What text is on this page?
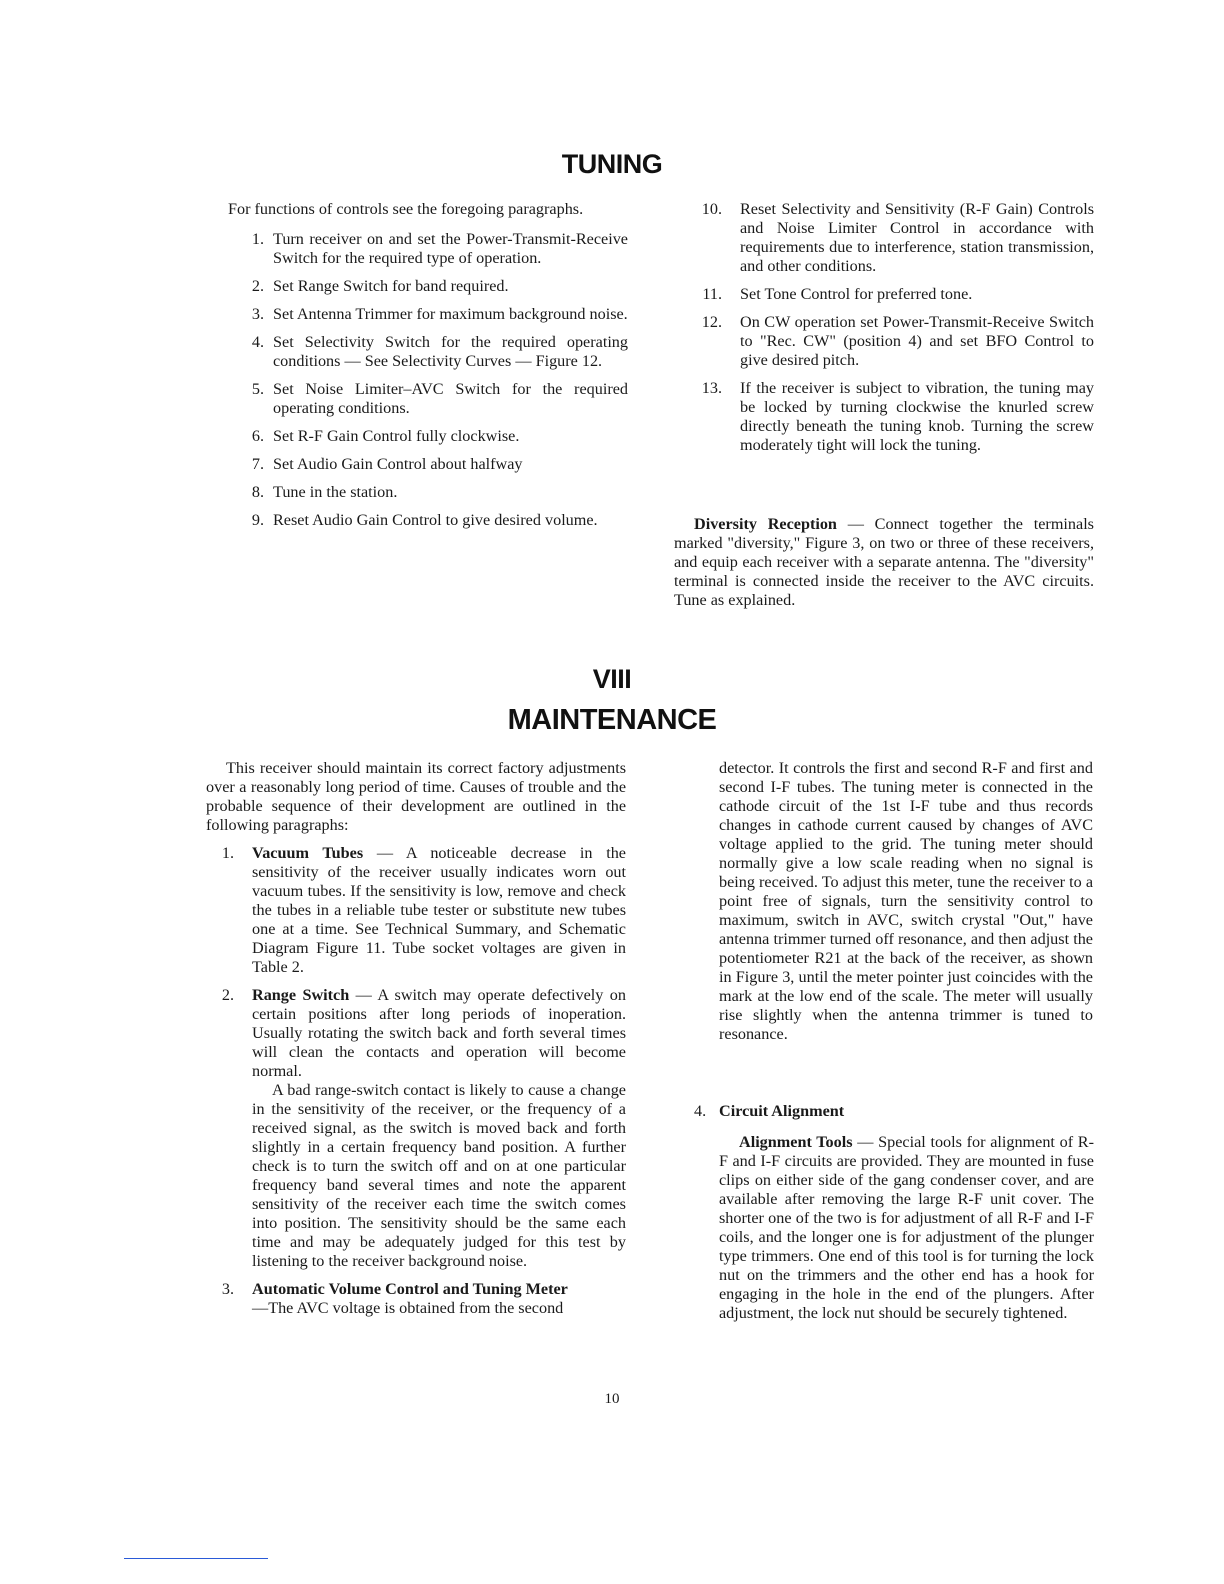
TUNING

For functions of controls see the foregoing paragraphs.

1. Turn receiver on and set the Power-Transmit-Receive Switch for the required type of operation.
2. Set Range Switch for band required.
3. Set Antenna Trimmer for maximum background noise.
4. Set Selectivity Switch for the required operating conditions — See Selectivity Curves — Figure 12.
5. Set Noise Limiter–AVC Switch for the required operating conditions.
6. Set R-F Gain Control fully clockwise.
7. Set Audio Gain Control about halfway
8. Tune in the station.
9. Reset Audio Gain Control to give desired volume.
10. Reset Selectivity and Sensitivity (R-F Gain) Controls and Noise Limiter Control in accordance with requirements due to interference, station transmission, and other conditions.
11. Set Tone Control for preferred tone.
12. On CW operation set Power-Transmit-Receive Switch to "Rec. CW" (position 4) and set BFO Control to give desired pitch.
13. If the receiver is subject to vibration, the tuning may be locked by turning clockwise the knurled screw directly beneath the tuning knob. Turning the screw moderately tight will lock the tuning.

Diversity Reception — Connect together the terminals marked "diversity," Figure 3, on two or three of these receivers, and equip each receiver with a separate antenna. The "diversity" terminal is connected inside the receiver to the AVC circuits. Tune as explained.

VIII
MAINTENANCE

This receiver should maintain its correct factory adjustments over a reasonably long period of time. Causes of trouble and the probable sequence of their development are outlined in the following paragraphs:

1. Vacuum Tubes — A noticeable decrease in the sensitivity of the receiver usually indicates worn out vacuum tubes. If the sensitivity is low, remove and check the tubes in a reliable tube tester or substitute new tubes one at a time. See Technical Summary, and Schematic Diagram Figure 11. Tube socket voltages are given in Table 2.
2. Range Switch — A switch may operate defectively on certain positions after long periods of inoperation. Usually rotating the switch back and forth several times will clean the contacts and operation will become normal.

A bad range-switch contact is likely to cause a change in the sensitivity of the receiver, or the frequency of a received signal, as the switch is moved back and forth slightly in a certain frequency band position. A further check is to turn the switch off and on at one particular frequency band several times and note the apparent sensitivity of the receiver each time the switch comes into position. The sensitivity should be the same each time and may be adequately judged for this test by listening to the receiver background noise.

3. Automatic Volume Control and Tuning Meter
—The AVC voltage is obtained from the second

detector. It controls the first and second R-F and first and second I-F tubes. The tuning meter is connected in the cathode circuit of the 1st I-F tube and thus records changes in cathode current caused by changes of AVC voltage applied to the grid. The tuning meter should normally give a low scale reading when no signal is being received. To adjust this meter, tune the receiver to a point free of signals, turn the sensitivity control to maximum, switch in AVC, switch crystal "Out," have antenna trimmer turned off resonance, and then adjust the potentiometer R21 at the back of the receiver, as shown in Figure 3, until the meter pointer just coincides with the mark at the low end of the scale. The meter will usually rise slightly when the antenna trimmer is tuned to resonance.

4. Circuit Alignment

Alignment Tools — Special tools for alignment of R-F and I-F circuits are provided. They are mounted in fuse clips on either side of the gang condenser cover, and are available after removing the large R-F unit cover. The shorter one of the two is for adjustment of all R-F and I-F coils, and the longer one is for adjustment of the plunger type trimmers. One end of this tool is for turning the lock nut on the trimmers and the other end has a hook for engaging in the hole in the end of the plungers. After adjustment, the lock nut should be securely tightened.

10
